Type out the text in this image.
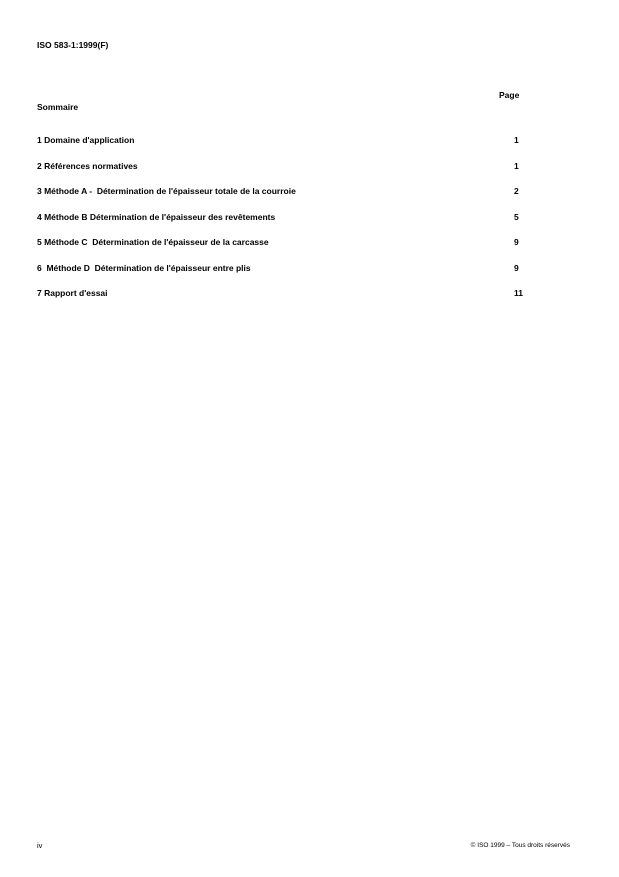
ISO 583-1:1999(F)
Page
Sommaire
1 Domaine d'application	1
2 Références normatives	1
3 Méthode A -  Détermination de l'épaisseur totale de la courroie	2
4 Méthode B Détermination de l'épaisseur des revêtements	5
5 Méthode C  Détermination de l'épaisseur de la carcasse	9
6  Méthode D  Détermination de l'épaisseur entre plis	9
7 Rapport d'essai	11
iv	© ISO 1999 – Tous droits réservés
